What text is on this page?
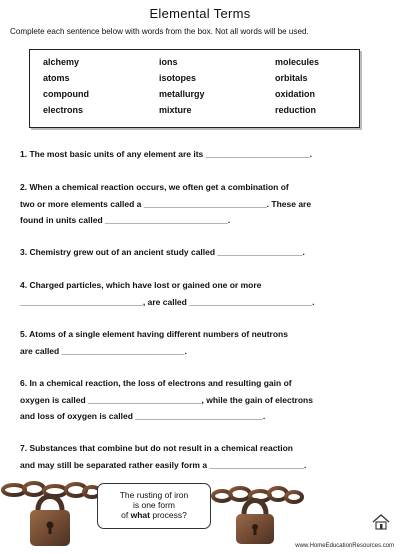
Elemental Terms
Complete each sentence below with words from the box. Not all words will be used.
alchemy	ions	molecules
atoms	isotopes	orbitals
compound	metallurgy	oxidation
electrons	mixture	reduction

1. The most basic units of any element are its ______________________.

2. When a chemical reaction occurs, we often get a combination of
two or more elements called a __________________________. These are
found in units called __________________________.

3. Chemistry grew out of an ancient study called __________________.

4. Charged particles, which have lost or gained one or more
__________________________, are called __________________________.
5. Atoms of a single element having different numbers of neutrons
are called __________________________.
6. In a chemical reaction, the loss of electrons and resulting gain of
oxygen is called ________________________, while the gain of electrons
and loss of oxygen is called ___________________________.
7. Substances that combine but do not result in a chemical reaction
and may still be separated rather easily form a ____________________.
The rusting of iron
is one form
of what process?
www.HomeEducationResources.com
